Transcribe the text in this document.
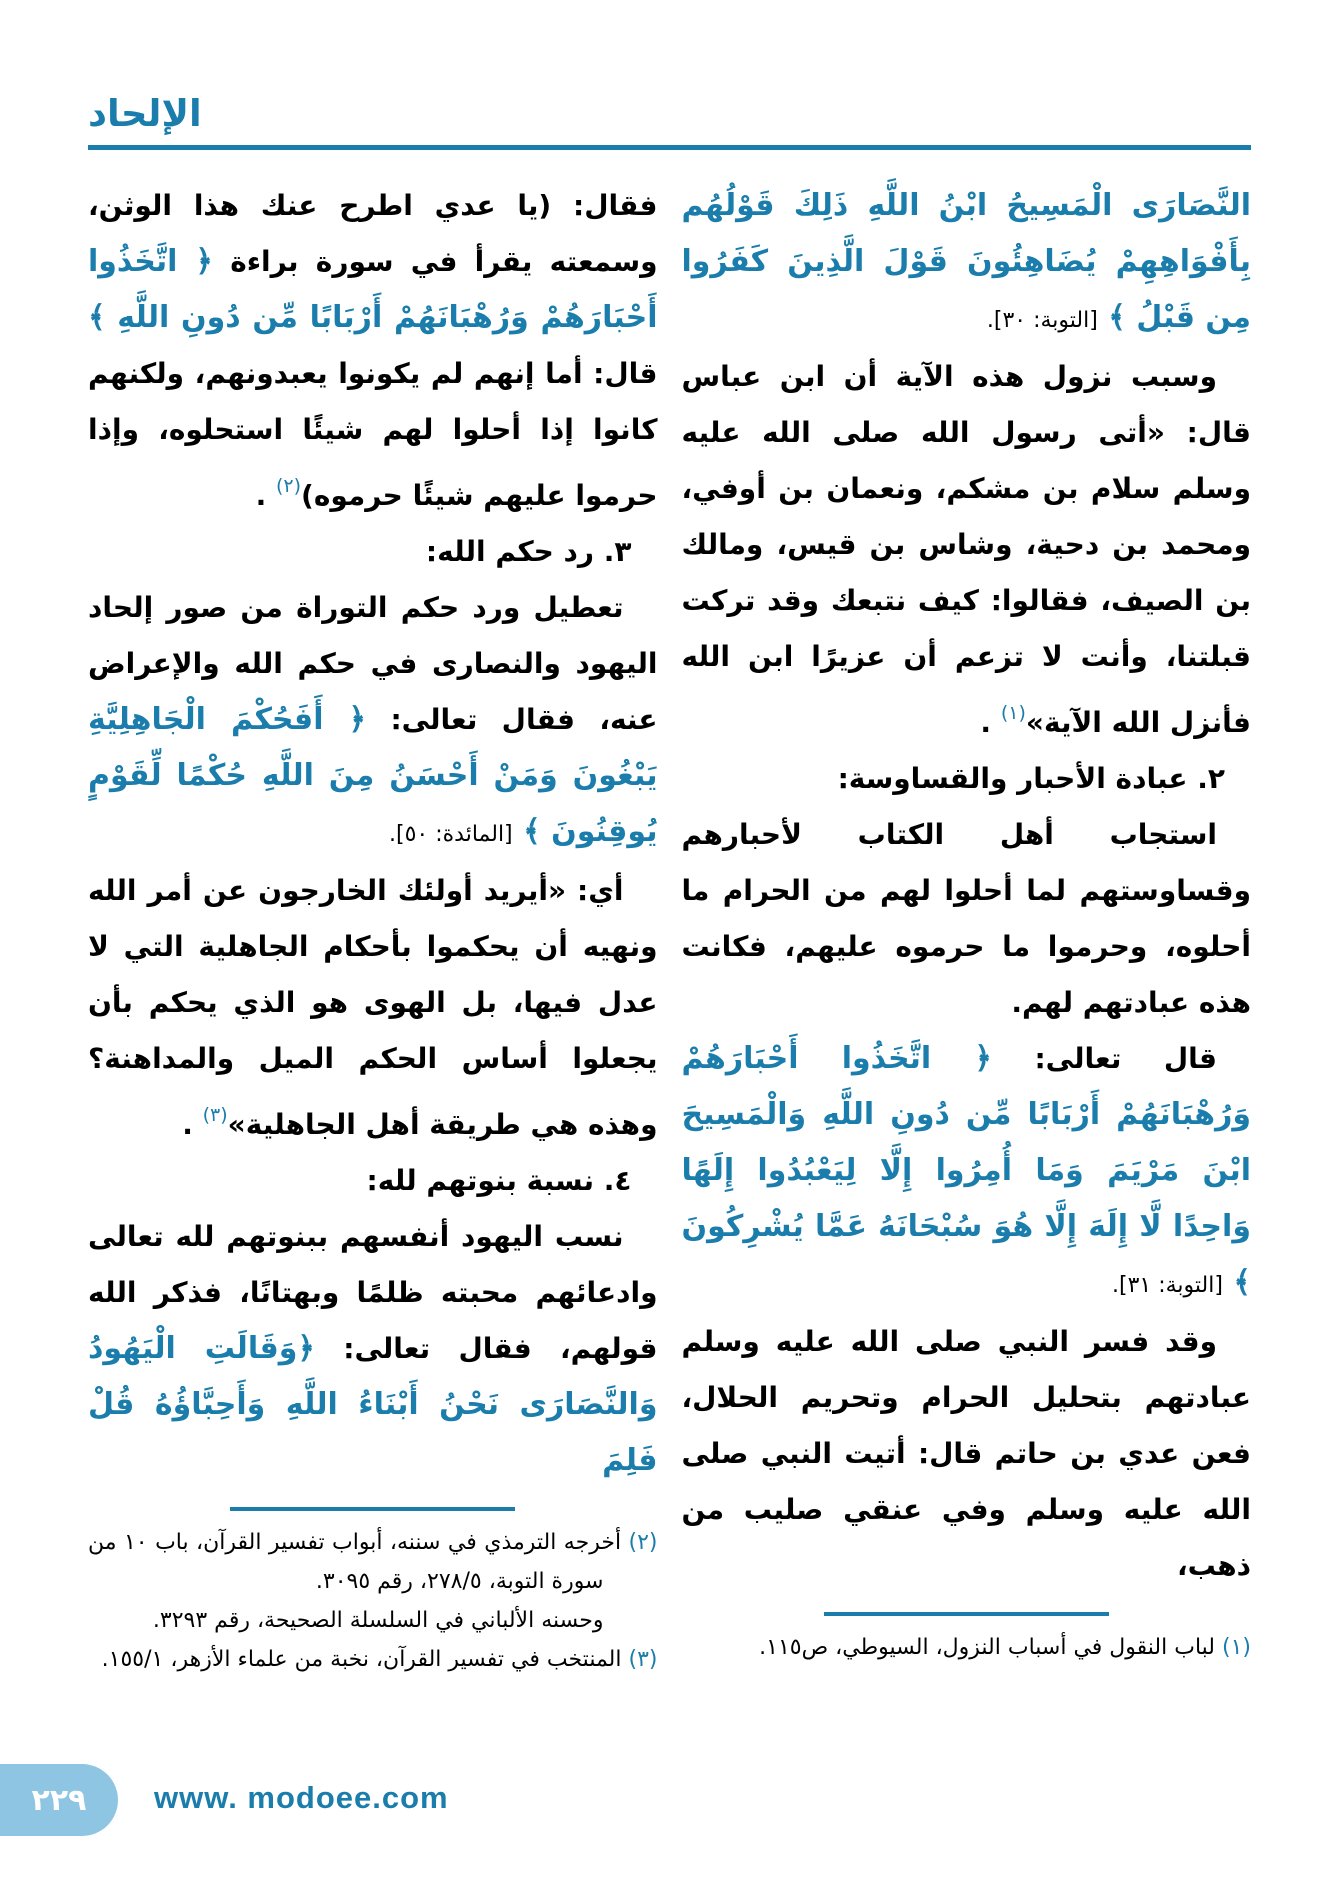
الإلحاد

النَّصَارَى الْمَسِيحُ ابْنُ اللَّهِ ذَلِكَ قَوْلُهُم بِأَفْوَاهِهِمْ يُضَاهِئُونَ قَوْلَ الَّذِينَ كَفَرُوا مِن قَبْلُ ﴾ [التوبة: ٣٠].

وسبب نزول هذه الآية أن ابن عباس قال: «أتى رسول الله صلى الله عليه وسلم سلام بن مشكم، ونعمان بن أوفي، ومحمد بن دحية، وشاس بن قيس، ومالك بن الصيف، فقالوا: كيف نتبعك وقد تركت قبلتنا، وأنت لا تزعم أن عزيرًا ابن الله فأنزل الله الآية»$^{(١)}$ .

٢. عبادة الأحبار والقساوسة:

استجاب أهل الكتاب لأحبارهم وقساوستهم لما أحلوا لهم من الحرام ما أحلوه، وحرموا ما حرموه عليهم، فكانت هذه عبادتهم لهم.

قال تعالى: ﴿ اتَّخَذُوا أَحْبَارَهُمْ وَرُهْبَانَهُمْ أَرْبَابًا مِّن دُونِ اللَّهِ وَالْمَسِيحَ ابْنَ مَرْيَمَ وَمَا أُمِرُوا إِلَّا لِيَعْبُدُوا إِلَهًا وَاحِدًا لَّا إِلَهَ إِلَّا هُوَ سُبْحَانَهُ عَمَّا يُشْرِكُونَ ﴾ [التوبة: ٣١].

وقد فسر النبي صلى الله عليه وسلم عبادتهم بتحليل الحرام وتحريم الحلال، فعن عدي بن حاتم قال: أتيت النبي صلى الله عليه وسلم وفي عنقي صليب من ذهب،

(١) لباب النقول في أسباب النزول، السيوطي، ص١١٥.

فقال: (يا عدي اطرح عنك هذا الوثن، وسمعته يقرأ في سورة براءة ﴿ اتَّخَذُوا أَحْبَارَهُمْ وَرُهْبَانَهُمْ أَرْبَابًا مِّن دُونِ اللَّهِ ﴾ قال: أما إنهم لم يكونوا يعبدونهم، ولكنهم كانوا إذا أحلوا لهم شيئًا استحلوه، وإذا حرموا عليهم شيئًا حرموه)$^{(٢)}$ .

٣. رد حكم الله:

تعطيل ورد حكم التوراة من صور إلحاد اليهود والنصارى في حكم الله والإعراض عنه، فقال تعالى: ﴿ أَفَحُكْمَ الْجَاهِلِيَّةِ يَبْغُونَ وَمَنْ أَحْسَنُ مِنَ اللَّهِ حُكْمًا لِّقَوْمٍ يُوقِنُونَ ﴾ [المائدة: ٥٠].

أي: «أيريد أولئك الخارجون عن أمر الله ونهيه أن يحكموا بأحكام الجاهلية التي لا عدل فيها، بل الهوى هو الذي يحكم بأن يجعلوا أساس الحكم الميل والمداهنة؟ وهذه هي طريقة أهل الجاهلية»$^{(٣)}$ .

٤. نسبة بنوتهم لله:

نسب اليهود أنفسهم ببنوتهم لله تعالى وادعائهم محبته ظلمًا وبهتانًا، فذكر الله قولهم، فقال تعالى: ﴿وَقَالَتِ الْيَهُودُ وَالنَّصَارَى نَحْنُ أَبْنَاءُ اللَّهِ وَأَحِبَّاؤُهُ قُلْ فَلِمَ

(٢) أخرجه الترمذي في سننه، أبواب تفسير القرآن، باب ١٠ من سورة التوبة، ٥‏/‏٢٧٨، رقم ٣٠٩٥.

وحسنه الألباني في السلسلة الصحيحة، رقم ٣٢٩٣.

(٣) المنتخب في تفسير القرآن، نخبة من علماء الأزهر، ١‏/‏١٥٥.

٢٢٩ www. modoee.com
